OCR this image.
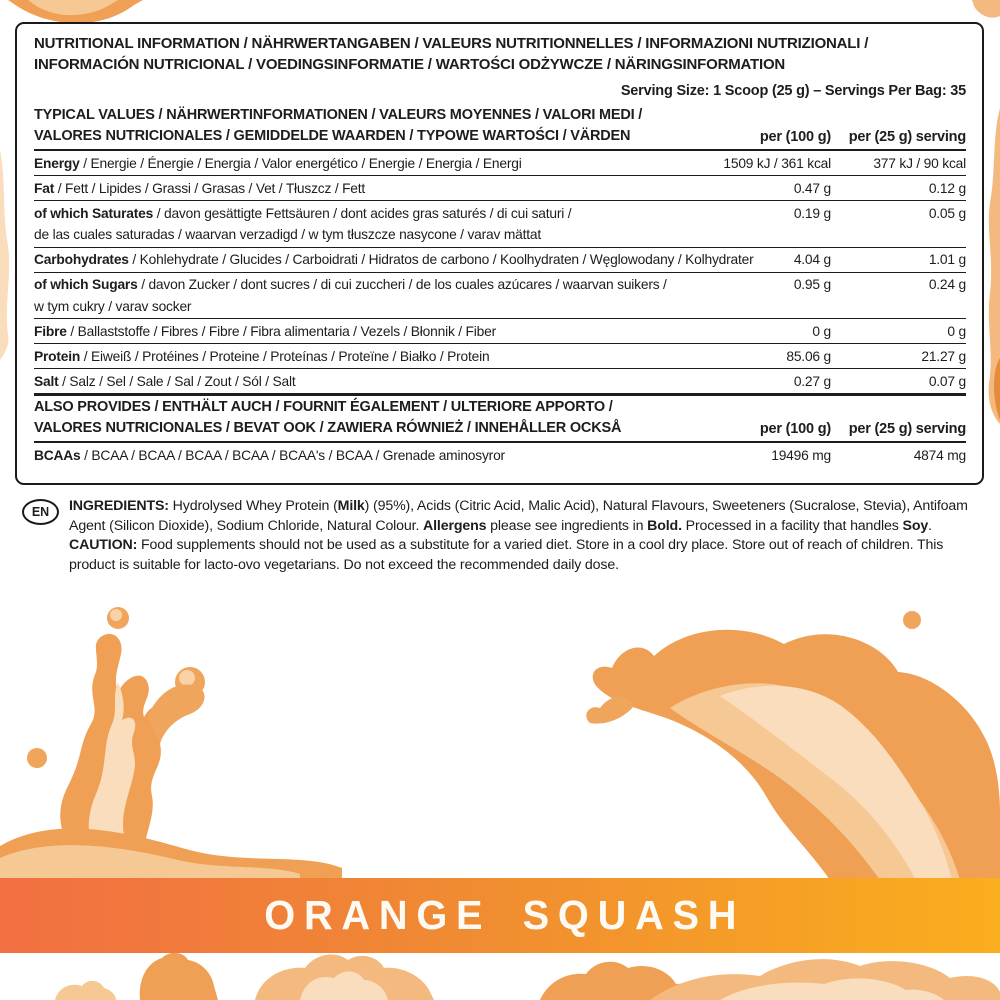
NUTRITIONAL INFORMATION / NÄHRWERTANGABEN / VALEURS NUTRITIONNELLES / INFORMAZIONI NUTRIZIONALI /
INFORMACIÓN NUTRICIONAL / VOEDINGSINFORMATIE / WARTOŚCI ODŻYWCZE / NÄRINGSINFORMATION
Serving Size: 1 Scoop (25 g) – Servings Per Bag: 35
TYPICAL VALUES / NÄHRWERTINFORMATIONEN / VALEURS MOYENNES / VALORI MEDI /
VALORES NUTRICIONALES / GEMIDDELDE WAARDEN / TYPOWE WARTOŚCI / VÄRDEN	per (100 g) per (25 g) serving
Energy / Energie / Énergie / Energia / Valor energético / Energie / Energia / Energi	1509 kJ / 361 kcal	377 kJ / 90 kcal
Fat / Fett / Lipides / Grassi / Grasas / Vet / Tłuszcz / Fett	0.47 g	0.12 g
of which Saturates / davon gesättigte Fettsäuren / dont acides gras saturés / di cui saturi /
de las cuales saturadas / waarvan verzadigd / w tym tłuszcze nasycone / varav mättat
0.19 g	0.05 g
Carbohydrates / Kohlehydrate / Glucides / Carboidrati / Hidratos de carbono / Koolhydraten / Węglowodany / Kolhydrater	4.04 g	1.01 g
of which Sugars / davon Zucker / dont sucres / di cui zuccheri / de los cuales azúcares / waarvan suikers /
w tym cukry / varav socker
0.95 g	0.24 g
Fibre / Ballaststoffe / Fibres / Fibre / Fibra alimentaria / Vezels / Błonnik / Fiber	0 g	0 g
Protein / Eiweiß / Protéines / Proteine / Proteínas / Proteïne / Białko / Protein	85.06 g	21.27 g
Salt / Salz / Sel / Sale / Sal / Zout / Sól / Salt	0.27 g	0.07 g
ALSO PROVIDES / ENTHÄLT AUCH / FOURNIT ÉGALEMENT / ULTERIORE APPORTO /
VALORES NUTRICIONALES / BEVAT OOK / ZAWIERA RÓWNIEŻ / INNEHÅLLER OCKSÅ	per (100 g) per (25 g) serving
BCAAs / BCAA / BCAA / BCAA / BCAA / BCAA's / BCAA / Grenade aminosyror	19496 mg	4874 mg
EN	INGREDIENTS: Hydrolysed Whey Protein (Milk) (95%), Acids (Citric Acid, Malic Acid), Natural Flavours, Sweeteners (Sucralose, Stevia), Antifoam Agent (Silicon Dioxide), Sodium Chloride, Natural Colour. Allergens please see ingredients in Bold. Processed in a facility that handles Soy.
CAUTION: Food supplements should not be used as a substitute for a varied diet. Store in a cool dry place. Store out of reach of children. This product is suitable for lacto-ovo vegetarians. Do not exceed the recommended daily dose.
ORANGE SQUASH
